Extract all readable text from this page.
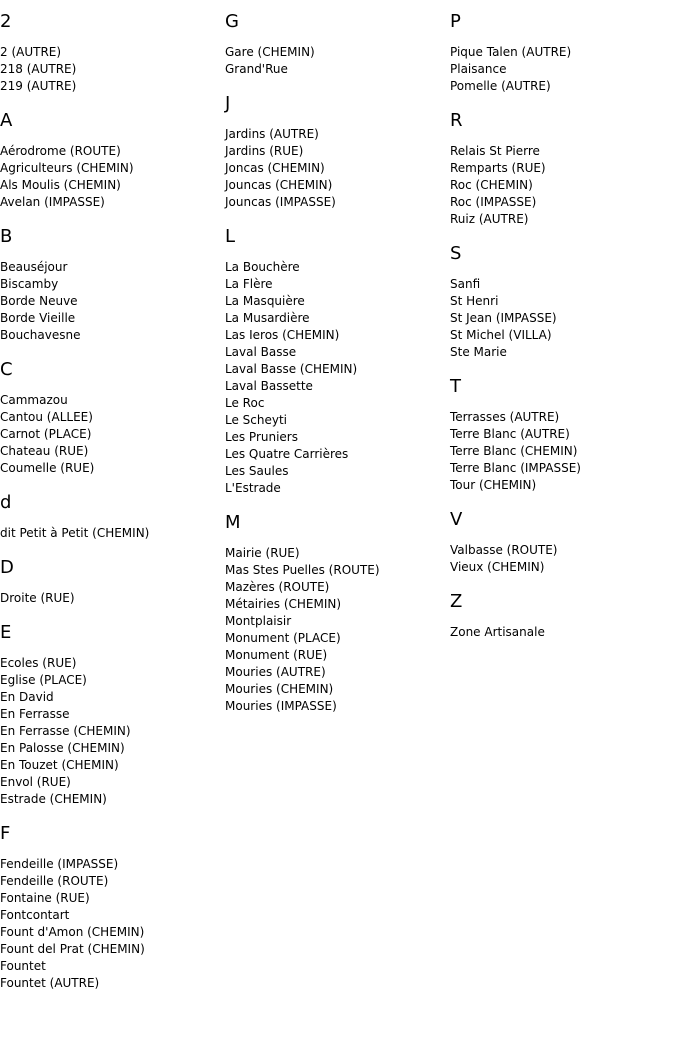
2
2 (AUTRE)
218 (AUTRE)
219 (AUTRE)
A
Aérodrome (ROUTE)
Agriculteurs (CHEMIN)
Als Moulis (CHEMIN)
Avelan (IMPASSE)
B
Beauséjour
Biscamby
Borde Neuve
Borde Vieille
Bouchavesne
C
Cammazou
Cantou (ALLEE)
Carnot (PLACE)
Chateau (RUE)
Coumelle (RUE)
d
dit Petit à Petit (CHEMIN)
D
Droite (RUE)
E
Ecoles (RUE)
Eglise (PLACE)
En David
En Ferrasse
En Ferrasse (CHEMIN)
En Palosse (CHEMIN)
En Touzet (CHEMIN)
Envol (RUE)
Estrade (CHEMIN)
F
Fendeille (IMPASSE)
Fendeille (ROUTE)
Fontaine (RUE)
Fontcontart
Fount d'Amon (CHEMIN)
Fount del Prat (CHEMIN)
Fountet
Fountet (AUTRE)
G
Gare (CHEMIN)
Grand'Rue
J
Jardins (AUTRE)
Jardins (RUE)
Joncas (CHEMIN)
Jouncas (CHEMIN)
Jouncas (IMPASSE)
L
La Bouchère
La Flère
La Masquière
La Musardière
Las Ieros (CHEMIN)
Laval Basse
Laval Basse (CHEMIN)
Laval Bassette
Le Roc
Le Scheyti
Les Pruniers
Les Quatre Carrières
Les Saules
L'Estrade
M
Mairie (RUE)
Mas Stes Puelles (ROUTE)
Mazères (ROUTE)
Métairies (CHEMIN)
Montplaisir
Monument (PLACE)
Monument (RUE)
Mouries (AUTRE)
Mouries (CHEMIN)
Mouries (IMPASSE)
P
Pique Talen (AUTRE)
Plaisance
Pomelle (AUTRE)
R
Relais St Pierre
Remparts (RUE)
Roc (CHEMIN)
Roc (IMPASSE)
Ruiz (AUTRE)
S
Sanfi
St Henri
St Jean (IMPASSE)
St Michel (VILLA)
Ste Marie
T
Terrasses (AUTRE)
Terre Blanc (AUTRE)
Terre Blanc (CHEMIN)
Terre Blanc (IMPASSE)
Tour (CHEMIN)
V
Valbasse (ROUTE)
Vieux (CHEMIN)
Z
Zone Artisanale
